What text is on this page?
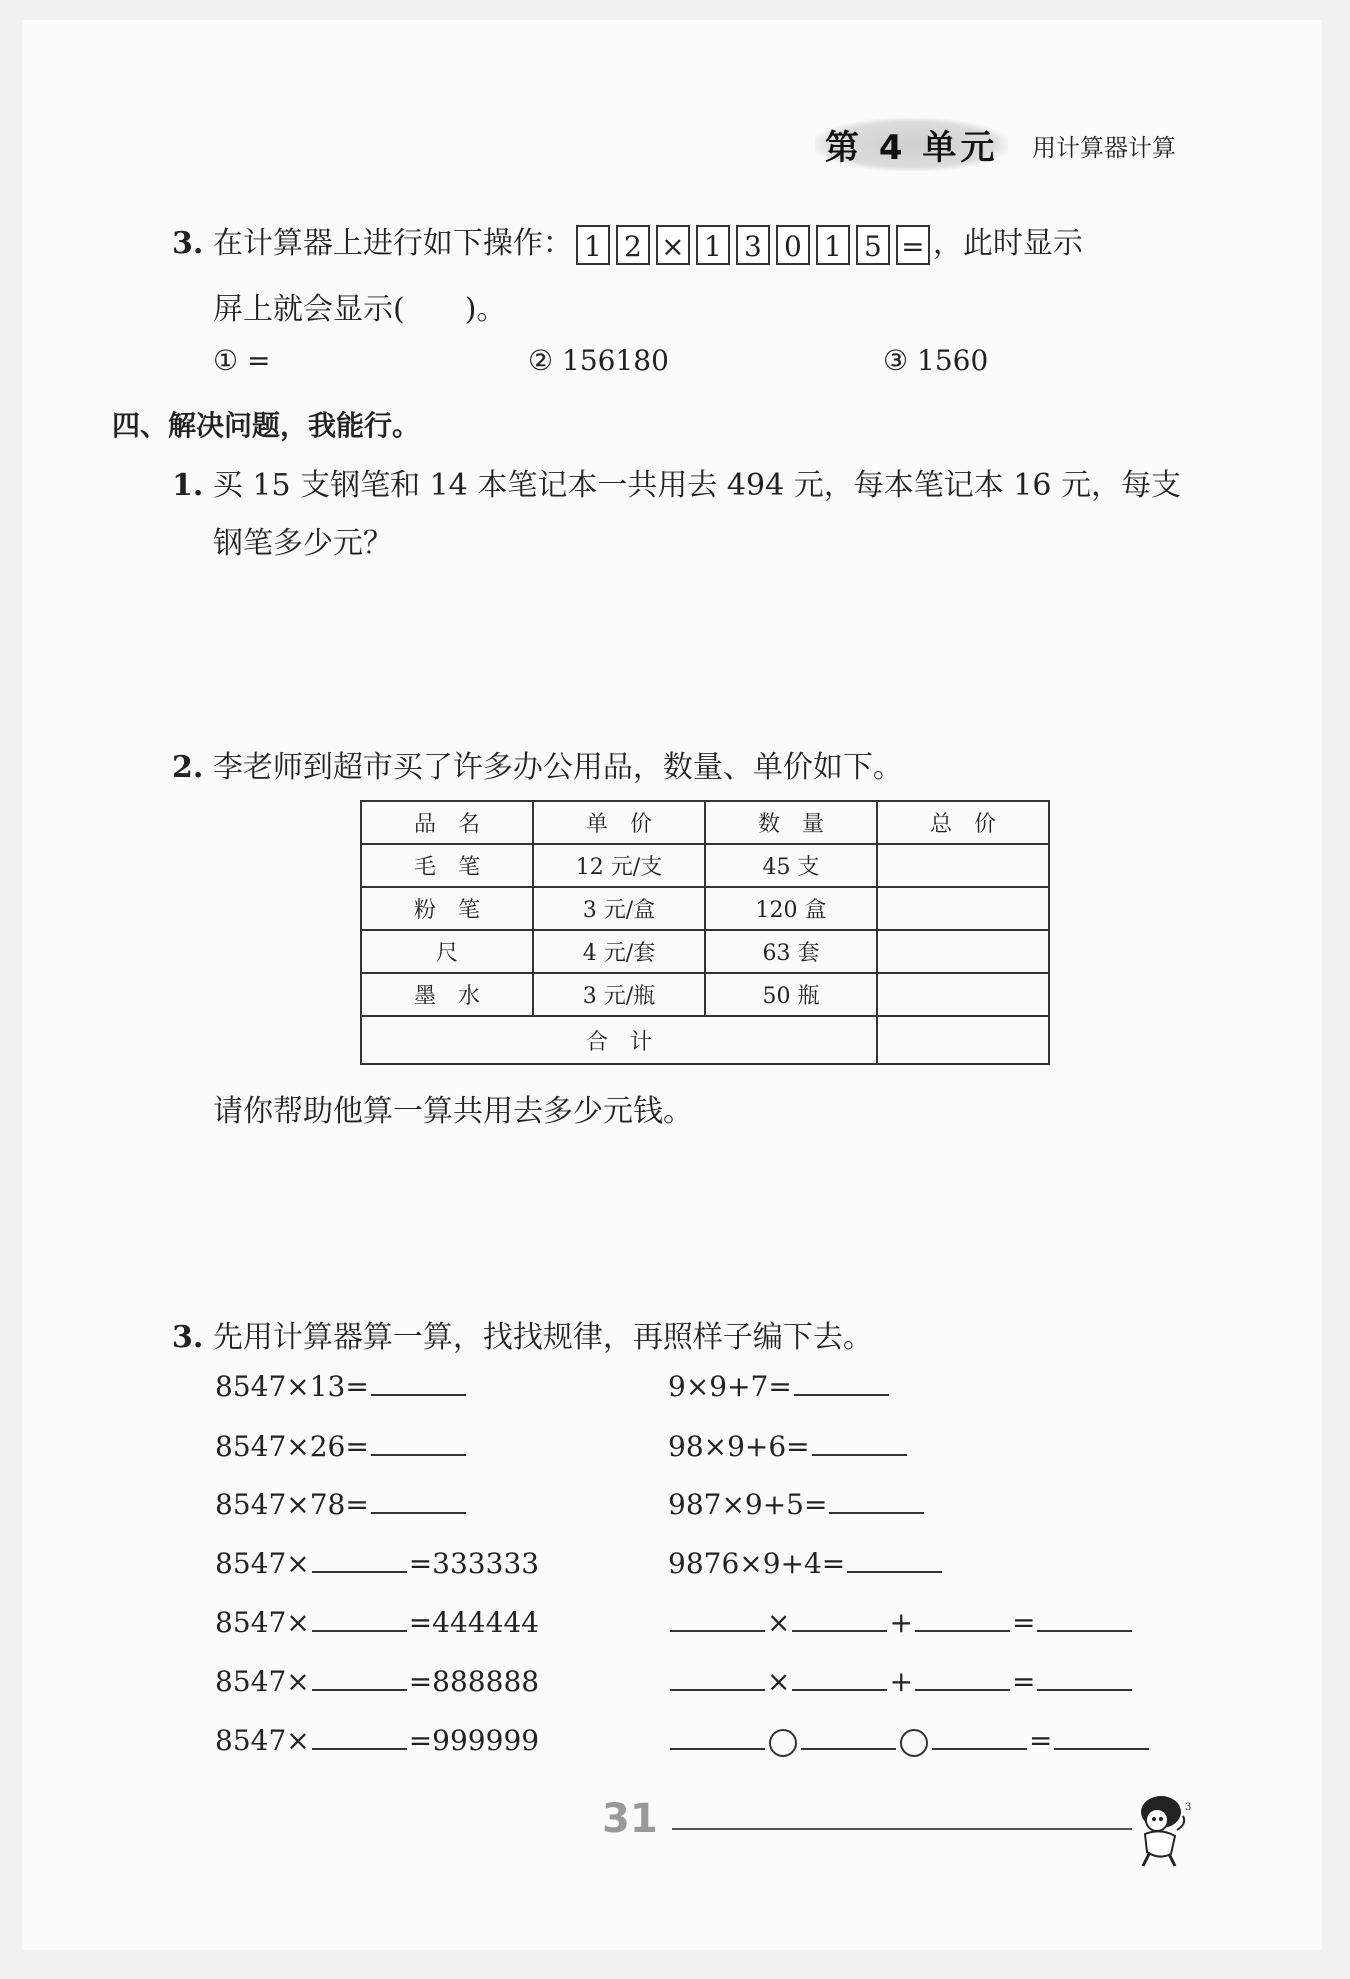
第 4 单元	用计算器计算
3. 在计算器上进行如下操作： 1 2 × 1 3 0 1 5 = ，此时显示
屏上就会显示(　　)。
① =	② 156180	③ 1560
四、解决问题，我能行。
1. 买 15 支钢笔和 14 本笔记本一共用去 494 元，每本笔记本 16 元，每支
钢笔多少元？
2. 李老师到超市买了许多办公用品，数量、单价如下。
品　名	单　价	数　量	总　价
毛　笔	12 元/支	45 支	
粉　笔	3 元/盒	120 盒	
尺	4 元/套	63 套	
墨　水	3 元/瓶	50 瓶	
合　计			
请你帮助他算一算共用去多少元钱。
3. 先用计算器算一算，找找规律，再照样子编下去。
8547×13=
8547×26=
8547×78=
8547×	=333333
8547×	=444444
8547×	=888888
8547×	=999999
9×9+7=
98×9+6=
987×9+5=
9876×9+4=
×	+	=
×	+	=
=
31	3
